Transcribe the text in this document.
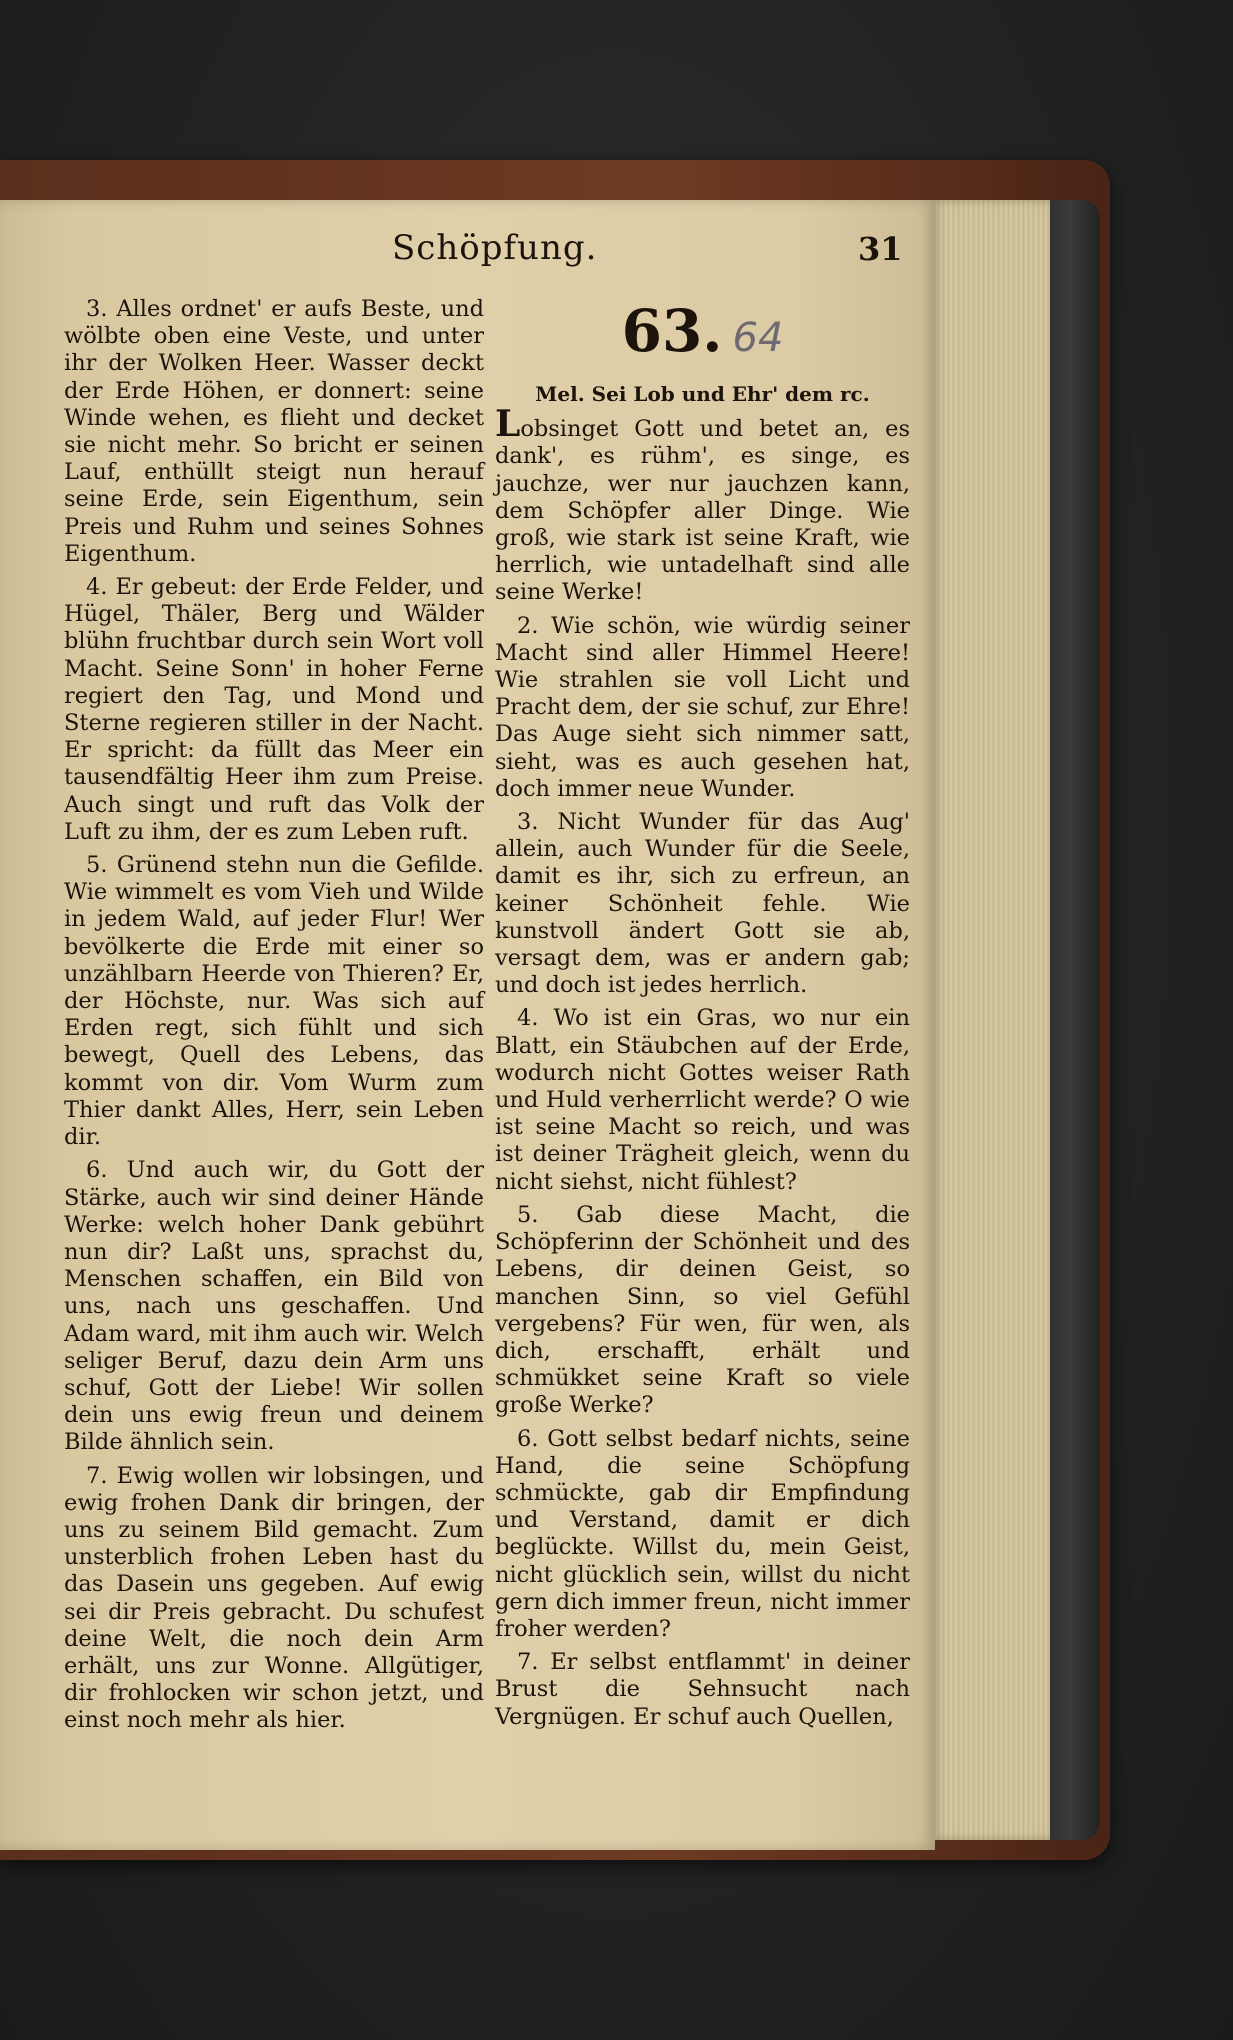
Schöpfung.	31

3. Alles ordnet' er aufs Beste, und wölbte oben eine Veste, und unter ihr der Wolken Heer. Wasser deckt der Erde Höhen, er donnert: seine Winde wehen, es flieht und decket sie nicht mehr. So bricht er seinen Lauf, enthüllt steigt nun herauf seine Erde, sein Eigenthum, sein Preis und Ruhm und seines Sohnes Eigenthum.

4. Er gebeut: der Erde Felder, und Hügel, Thäler, Berg und Wälder blühn fruchtbar durch sein Wort voll Macht. Seine Sonn' in hoher Ferne regiert den Tag, und Mond und Sterne regieren stiller in der Nacht. Er spricht: da füllt das Meer ein tausendfältig Heer ihm zum Preise. Auch singt und ruft das Volk der Luft zu ihm, der es zum Leben ruft.

5. Grünend stehn nun die Gefilde. Wie wimmelt es vom Vieh und Wilde in jedem Wald, auf jeder Flur! Wer bevölkerte die Erde mit einer so unzählbarn Heerde von Thieren? Er, der Höchste, nur. Was sich auf Erden regt, sich fühlt und sich bewegt, Quell des Lebens, das kommt von dir. Vom Wurm zum Thier dankt Alles, Herr, sein Leben dir.

6. Und auch wir, du Gott der Stärke, auch wir sind deiner Hände Werke: welch hoher Dank gebührt nun dir? Laßt uns, sprachst du, Menschen schaffen, ein Bild von uns, nach uns geschaffen. Und Adam ward, mit ihm auch wir. Welch seliger Beruf, dazu dein Arm uns schuf, Gott der Liebe! Wir sollen dein uns ewig freun und deinem Bilde ähnlich sein.

7. Ewig wollen wir lobsingen, und ewig frohen Dank dir bringen, der uns zu seinem Bild gemacht. Zum unsterblich frohen Leben hast du das Dasein uns gegeben. Auf ewig sei dir Preis gebracht. Du schufest deine Welt, die noch dein Arm erhält, uns zur Wonne. Allgütiger, dir frohlocken wir schon jetzt, und einst noch mehr als hier.

63. 64

Mel. Sei Lob und Ehr' dem rc.

Lobsinget Gott und betet an, es dank', es rühm', es singe, es jauchze, wer nur jauchzen kann, dem Schöpfer aller Dinge. Wie groß, wie stark ist seine Kraft, wie herrlich, wie untadelhaft sind alle seine Werke!

2. Wie schön, wie würdig seiner Macht sind aller Himmel Heere! Wie strahlen sie voll Licht und Pracht dem, der sie schuf, zur Ehre! Das Auge sieht sich nimmer satt, sieht, was es auch gesehen hat, doch immer neue Wunder.

3. Nicht Wunder für das Aug' allein, auch Wunder für die Seele, damit es ihr, sich zu erfreun, an keiner Schönheit fehle. Wie kunstvoll ändert Gott sie ab, versagt dem, was er andern gab; und doch ist jedes herrlich.

4. Wo ist ein Gras, wo nur ein Blatt, ein Stäubchen auf der Erde, wodurch nicht Gottes weiser Rath und Huld verherrlicht werde? O wie ist seine Macht so reich, und was ist deiner Trägheit gleich, wenn du nicht siehst, nicht fühlest?

5. Gab diese Macht, die Schöpferinn der Schönheit und des Lebens, dir deinen Geist, so manchen Sinn, so viel Gefühl vergebens? Für wen, für wen, als dich, erschafft, erhält und schmükket seine Kraft so viele große Werke?

6. Gott selbst bedarf nichts, seine Hand, die seine Schöpfung schmückte, gab dir Empfindung und Verstand, damit er dich beglückte. Willst du, mein Geist, nicht glücklich sein, willst du nicht gern dich immer freun, nicht immer froher werden?

7. Er selbst entflammt' in deiner Brust die Sehnsucht nach Vergnügen. Er schuf auch Quellen,
